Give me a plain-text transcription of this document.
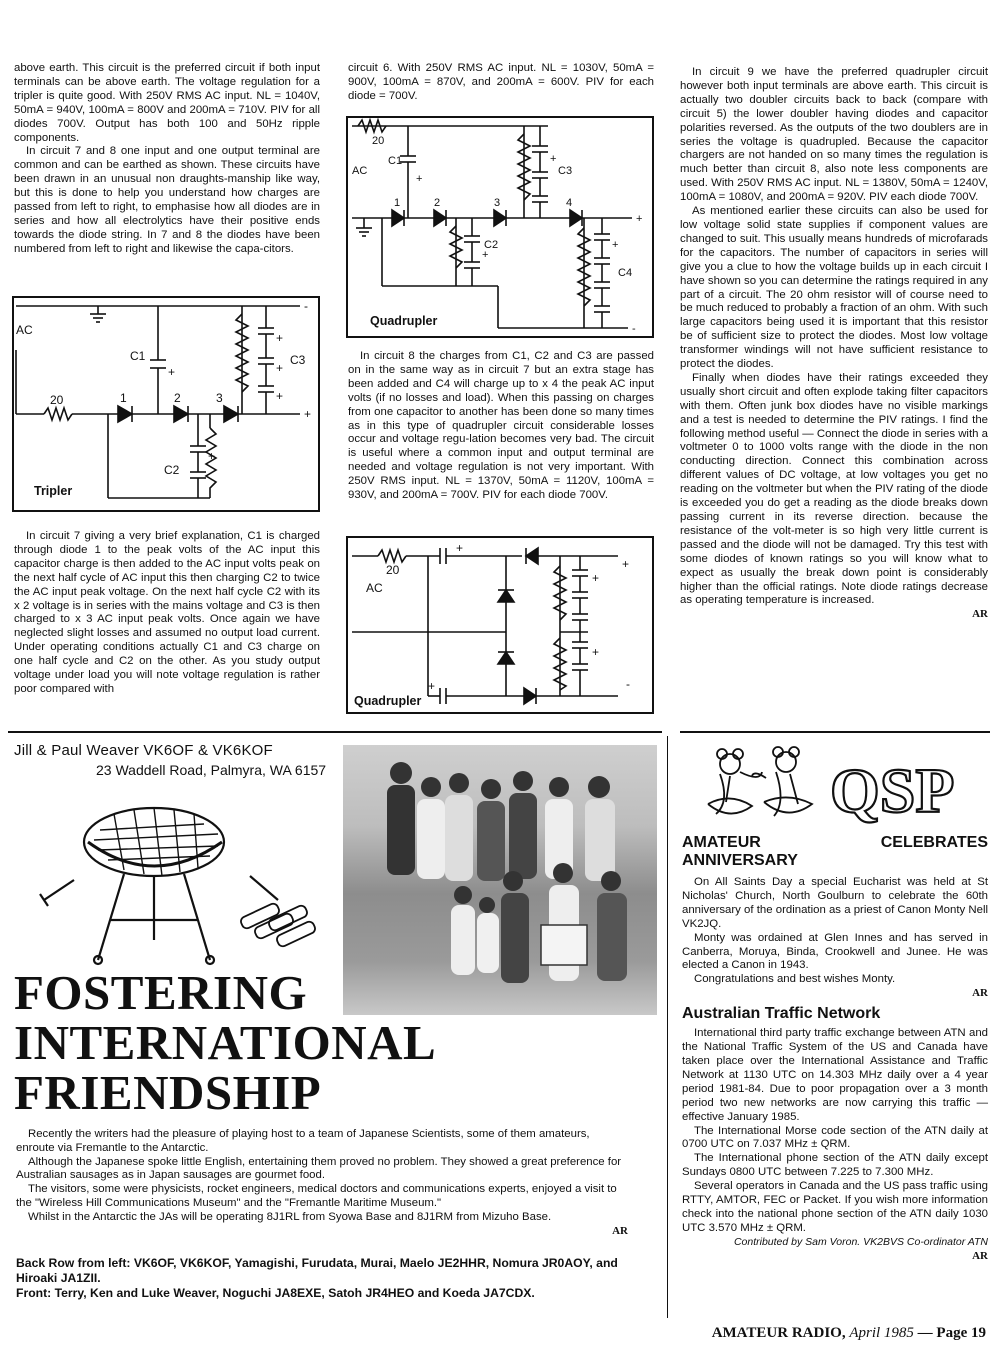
above earth. This circuit is the preferred circuit if both input terminals can be above earth. The voltage regulation for a tripler is quite good. With 250V RMS AC input. NL = 1040V, 50mA = 940V, 100mA = 800V and 200mA = 710V. PIV for all diodes 700V. Output has both 100 and 50Hz ripple components.

In circuit 7 and 8 one input and one output terminal are common and can be earthed as shown. These circuits have been drawn in an unusual non draughts-manship like way, but this is done to help you understand how charges are passed from left to right, to emphasise how all diodes are in series and how all electrolytics have their positive ends towards the diode string. In 7 and 8 the diodes have been numbered from left to right and likewise the capa-citors.

AC
20
C1
C2
C3
1	2	3
+
+
+
+
+
+
-
Tripler

In circuit 7 giving a very brief explanation, C1 is charged through diode 1 to the peak volts of the AC input this capacitor charge is then added to the AC input volts peak on the next half cycle of AC input this then charging C2 to twice the AC input peak voltage. On the next half cycle C2 with its x 2 voltage is in series with the mains voltage and C3 is then charged to x 3 AC input peak volts. Once again we have neglected slight losses and assumed no output load current. Under operating conditions actually C1 and C3 charge on one half cycle and C2 on the other. As you study output voltage under load you will note voltage regulation is rather poor compared with

circuit 6. With 250V RMS AC input. NL = 1030V, 50mA = 900V, 100mA = 870V, and 200mA = 600V. PIV for each diode = 700V.

20
AC
C1
C2
C3
C4
1	2	3	4
+
+
+
+
+
-
Quadrupler

In circuit 8 the charges from C1, C2 and C3 are passed on in the same way as in circuit 7 but an extra stage has been added and C4 will charge up to x 4 the peak AC input volts (if no losses and load). When this passing on charges from one capacitor to another has been done so many times as in this type of quadrupler circuit considerable losses occur and voltage regu-lation becomes very bad. The circuit is useful where a common input and output terminal are needed and voltage regulation is not very important. With 250V RMS input. NL = 1370V, 50mA = 1120V, 100mA = 930V, and 200mA = 700V. PIV for each diode 700V.

20
AC
+
+
+
+
+
-
Quadrupler

In circuit 9 we have the preferred quadrupler circuit however both input terminals are above earth. This circuit is actually two doubler circuits back to back (compare with circuit 5) the lower doubler having diodes and capacitor polarities reversed. As the outputs of the two doublers are in series the voltage is quadrupled. Because the capacitor chargers are not handed on so many times the regulation is much better than circuit 8, also note less components are used. With 250V RMS AC input. NL = 1380V, 50mA = 1240V, 100mA = 1080V, and 200mA = 920V. PIV each diode 700V.

As mentioned earlier these circuits can also be used for low voltage solid state supplies if component values are changed to suit. This usually means hundreds of microfarads for the capacitors. The number of capacitors in series will give you a clue to how the voltage builds up in each circuit I have shown so you can determine the ratings required in any part of a circuit. The 20 ohm resistor will of course need to be much reduced to probably a fraction of an ohm. With such large capacitors being used it is important that this resistor be of sufficient size to protect the diodes. Most low voltage transformer windings will not have sufficient resistance to protect the diodes.

Finally when diodes have their ratings exceeded they usually short circuit and often explode taking filter capacitors with them. Often junk box diodes have no visible markings and a test is needed to determine the PIV ratings. I find the following method useful — Connect the diode in series with a voltmeter 0 to 1000 volts range with the diode in the non conducting direction. Connect this combination across different values of DC voltage, at low voltages you get no reading on the voltmeter but when the PIV rating of the diode is exceeded you do get a reading as the diode breaks down passing current in its reverse direction. because the resistance of the volt-meter is so high very little current is passed and the diode will not be damaged. Try this test with some diodes of known ratings so you will know what to expect as usually the break down point is considerably higher than the official ratings. Note diode ratings decrease as operating temperature is increased.

AR
Jill & Paul Weaver VK6OF & VK6KOF
23 Waddell Road, Palmyra, WA 6157
FOSTERING
INTERNATIONAL
FRIENDSHIP

Recently the writers had the pleasure of playing host to a team of Japanese Scientists, some of them amateurs, enroute via Fremantle to the Antarctic.

Although the Japanese spoke little English, entertaining them proved no problem. They showed a great preference for Australian sausages as in Japan sausages are gourmet food.

The visitors, some were physicists, rocket engineers, medical doctors and communications experts, enjoyed a visit to the "Wireless Hill Communications Museum" and the "Fremantle Maritime Museum."

Whilst in the Antarctic the JAs will be operating 8J1RL from Syowa Base and 8J1RM from Mizuho Base.

AR
Back Row from left: VK6OF, VK6KOF, Yamagishi, Furudata, Murai, Maelo JE2HHR, Nomura JR0AOY, and Hiroaki JA1ZII.
Front: Terry, Ken and Luke Weaver, Noguchi JA8EXE, Satoh JR4HEO and Koeda JA7CDX.
QSP
AMATEUR CELEBRATES ANNIVERSARY

On All Saints Day a special Eucharist was held at St Nicholas' Church, North Goulburn to celebrate the 60th anniversary of the ordination as a priest of Canon Monty Nell VK2JQ.

Monty was ordained at Glen Innes and has served in Canberra, Moruya, Binda, Crookwell and Junee. He was elected a Canon in 1943.

Congratulations and best wishes Monty.

AR
Australian Traffic Network

International third party traffic exchange between ATN and the National Traffic System of the US and Canada have taken place over the International Assistance and Traffic Network at 1130 UTC on 14.303 MHz daily over a 4 year period 1981-84. Due to poor propagation over a 3 month period two new networks are now carrying this traffic — effective January 1985.

The International Morse code section of the ATN daily at 0700 UTC on 7.037 MHz ± QRM.

The International phone section of the ATN daily except Sundays 0800 UTC between 7.225 to 7.300 MHz.

Several operators in Canada and the US pass traffic using RTTY, AMTOR, FEC or Packet. If you wish more information check into the national phone section of the ATN daily 1030 UTC 3.570 MHz ± QRM.

Contributed by Sam Voron. VK2BVS Co-ordinator ATN
AR
AMATEUR RADIO, April 1985 — Page 19
